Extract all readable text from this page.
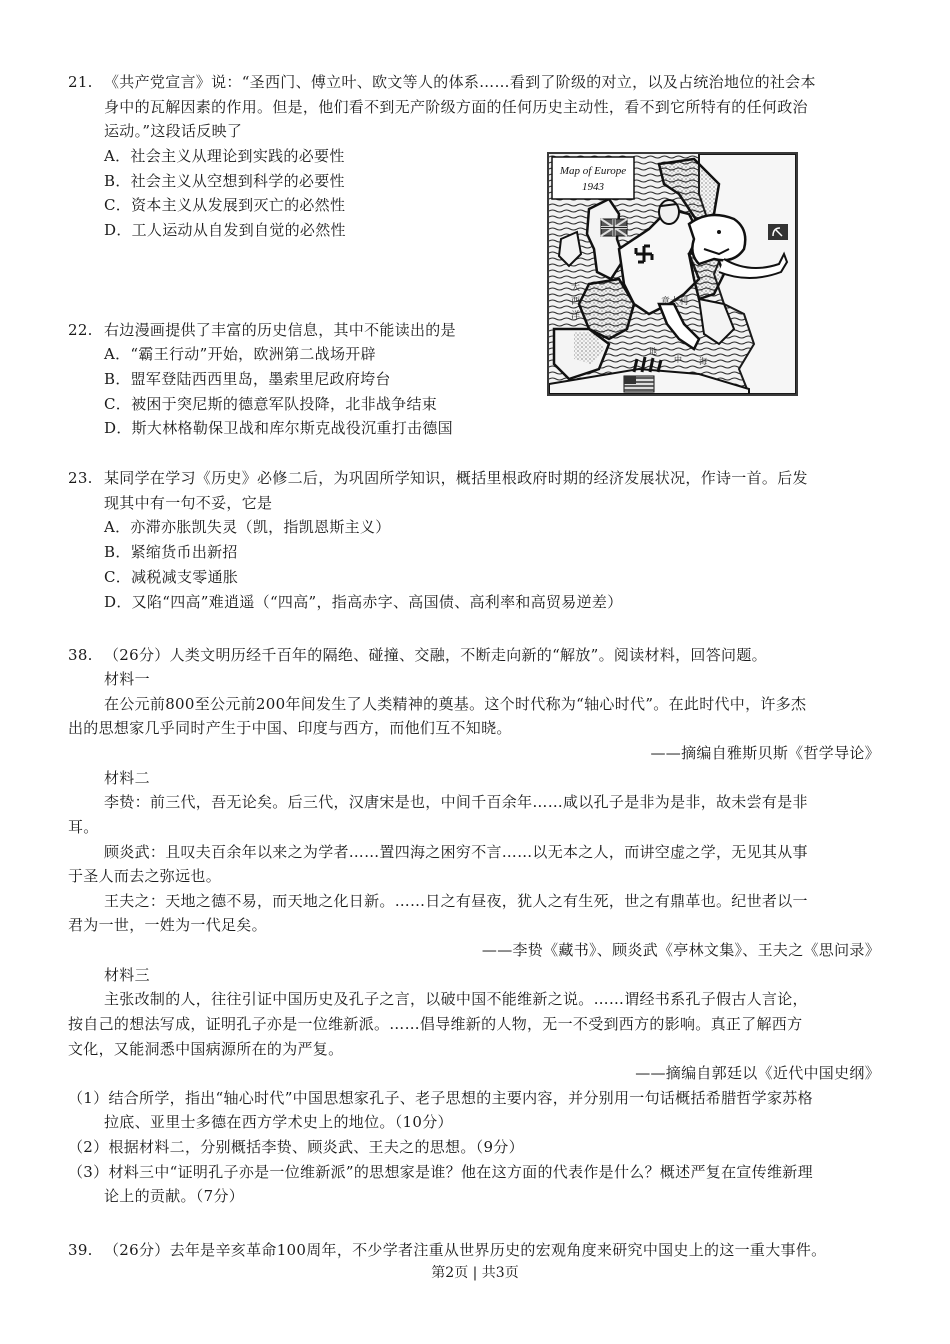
21. 《共产党宣言》说：“圣西门、傅立叶、欧文等人的体系……看到了阶级的对立，以及占统治地位的社会本
身中的瓦解因素的作用。但是，他们看不到无产阶级方面的任何历史主动性，看不到它所特有的任何政治
运动。”这段话反映了
A．社会主义从理论到实践的必要性
B．社会主义从空想到科学的必要性
C．资本主义从发展到灭亡的必然性
D．工人运动从自发到自觉的必然性
Map of Europe
1943
大
西
洋
意大利
地
中 海
22. 右边漫画提供了丰富的历史信息，其中不能读出的是
A．“霸王行动”开始，欧洲第二战场开辟
B．盟军登陆西西里岛，墨索里尼政府垮台
C．被困于突尼斯的德意军队投降，北非战争结束
D．斯大林格勒保卫战和库尔斯克战役沉重打击德国
23. 某同学在学习《历史》必修二后，为巩固所学知识，概括里根政府时期的经济发展状况，作诗一首。后发
现其中有一句不妥，它是
A．亦滞亦胀凯失灵（凯，指凯恩斯主义）
B．紧缩货币出新招
C．减税减支零通胀
D．又陷“四高”难逍遥（“四高”，指高赤字、高国债、高利率和高贸易逆差）
38. （26分）人类文明历经千百年的隔绝、碰撞、交融，不断走向新的“解放”。阅读材料，回答问题。
材料一
在公元前800至公元前200年间发生了人类精神的奠基。这个时代称为“轴心时代”。在此时代中，许多杰
出的思想家几乎同时产生于中国、印度与西方，而他们互不知晓。
——摘编自雅斯贝斯《哲学导论》
材料二
李贽：前三代，吾无论矣。后三代，汉唐宋是也，中间千百余年……咸以孔子是非为是非，故未尝有是非
耳。
顾炎武：且叹夫百余年以来之为学者……置四海之困穷不言……以无本之人，而讲空虚之学，无见其从事
于圣人而去之弥远也。
王夫之：天地之德不易，而天地之化日新。……日之有昼夜，犹人之有生死，世之有鼎革也。纪世者以一
君为一世，一姓为一代足矣。
——李贽《藏书》、顾炎武《亭林文集》、王夫之《思问录》
材料三
主张改制的人，往往引证中国历史及孔子之言，以破中国不能维新之说。……谓经书系孔子假古人言论，
按自己的想法写成，证明孔子亦是一位维新派。……倡导维新的人物，无一不受到西方的影响。真正了解西方
文化，又能洞悉中国病源所在的为严复。
——摘编自郭廷以《近代中国史纲》
（1）结合所学，指出“轴心时代”中国思想家孔子、老子思想的主要内容，并分别用一句话概括希腊哲学家苏格
拉底、亚里士多德在西方学术史上的地位。（10分）
（2）根据材料二，分别概括李贽、顾炎武、王夫之的思想。（9分）
（3）材料三中“证明孔子亦是一位维新派”的思想家是谁？他在这方面的代表作是什么？概述严复在宣传维新理
论上的贡献。（7分）
39. （26分）去年是辛亥革命100周年，不少学者注重从世界历史的宏观角度来研究中国史上的这一重大事件。
第2页 | 共3页
